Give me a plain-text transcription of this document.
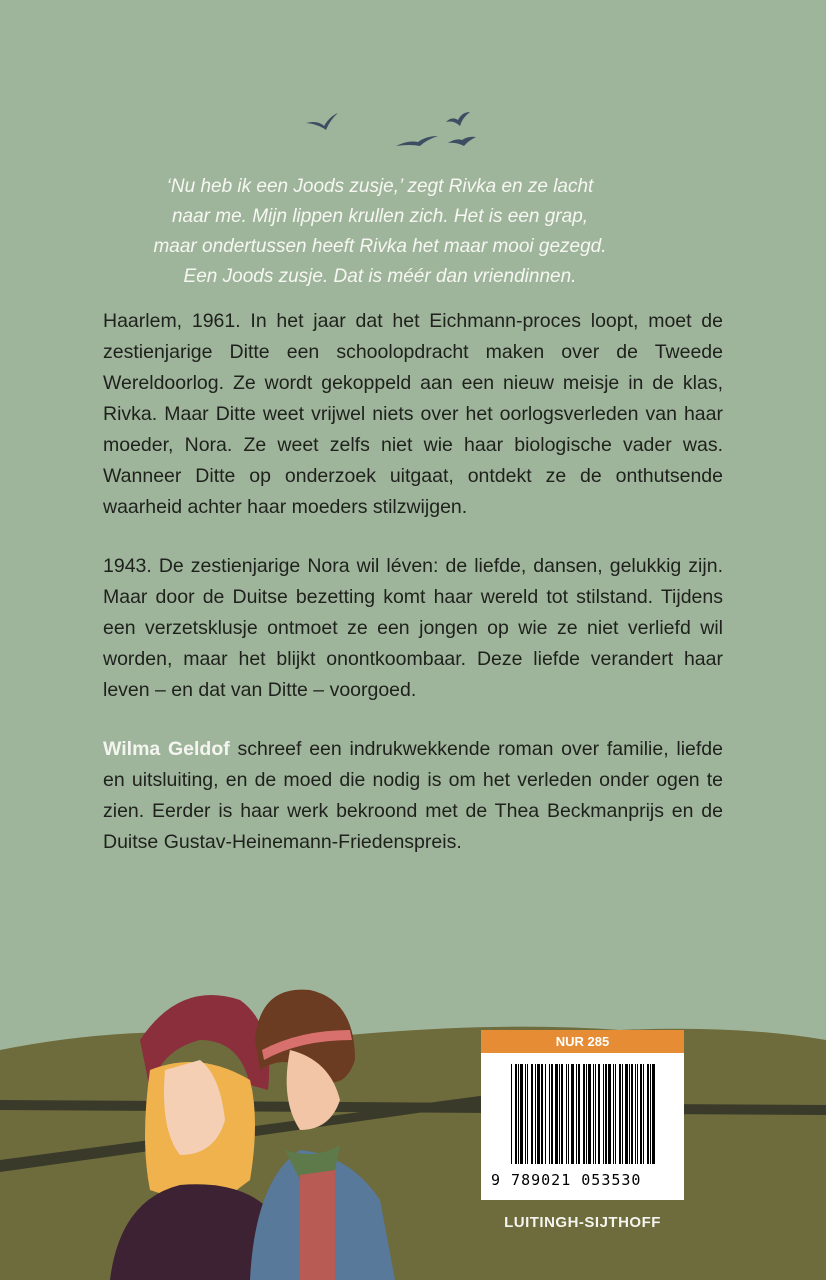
‘Nu heb ik een Joods zusje,’ zegt Rivka en ze lacht

naar me. Mijn lippen krullen zich. Het is een grap,

maar ondertussen heeft Rivka het maar mooi gezegd.

Een Joods zusje. Dat is méér dan vriendinnen.

Haarlem, 1961. In het jaar dat het Eichmann-proces loopt, moet de zestienjarige Ditte een schoolopdracht maken over de Tweede Wereldoorlog. Ze wordt gekoppeld aan een nieuw meisje in de klas, Rivka. Maar Ditte weet vrijwel niets over het oorlogsverleden van haar moeder, Nora. Ze weet zelfs niet wie haar biologische vader was. Wanneer Ditte op onderzoek uitgaat, ontdekt ze de onthutsende waarheid achter haar moeders stilzwijgen.

1943. De zestienjarige Nora wil léven: de liefde, dansen, gelukkig zijn. Maar door de Duitse bezetting komt haar wereld tot stilstand. Tijdens een verzetsklusje ontmoet ze een jongen op wie ze niet verliefd wil worden, maar het blijkt onontkoombaar. Deze liefde verandert haar leven – en dat van Ditte – voorgoed.

Wilma Geldof schreef een indrukwekkende roman over familie, liefde en uitsluiting, en de moed die nodig is om het verleden onder ogen te zien. Eerder is haar werk bekroond met de Thea Beckmanprijs en de Duitse Gustav-Heinemann-Friedenspreis.

NUR 285
9 789021 053530
LUITINGH-SIJTHOFF
